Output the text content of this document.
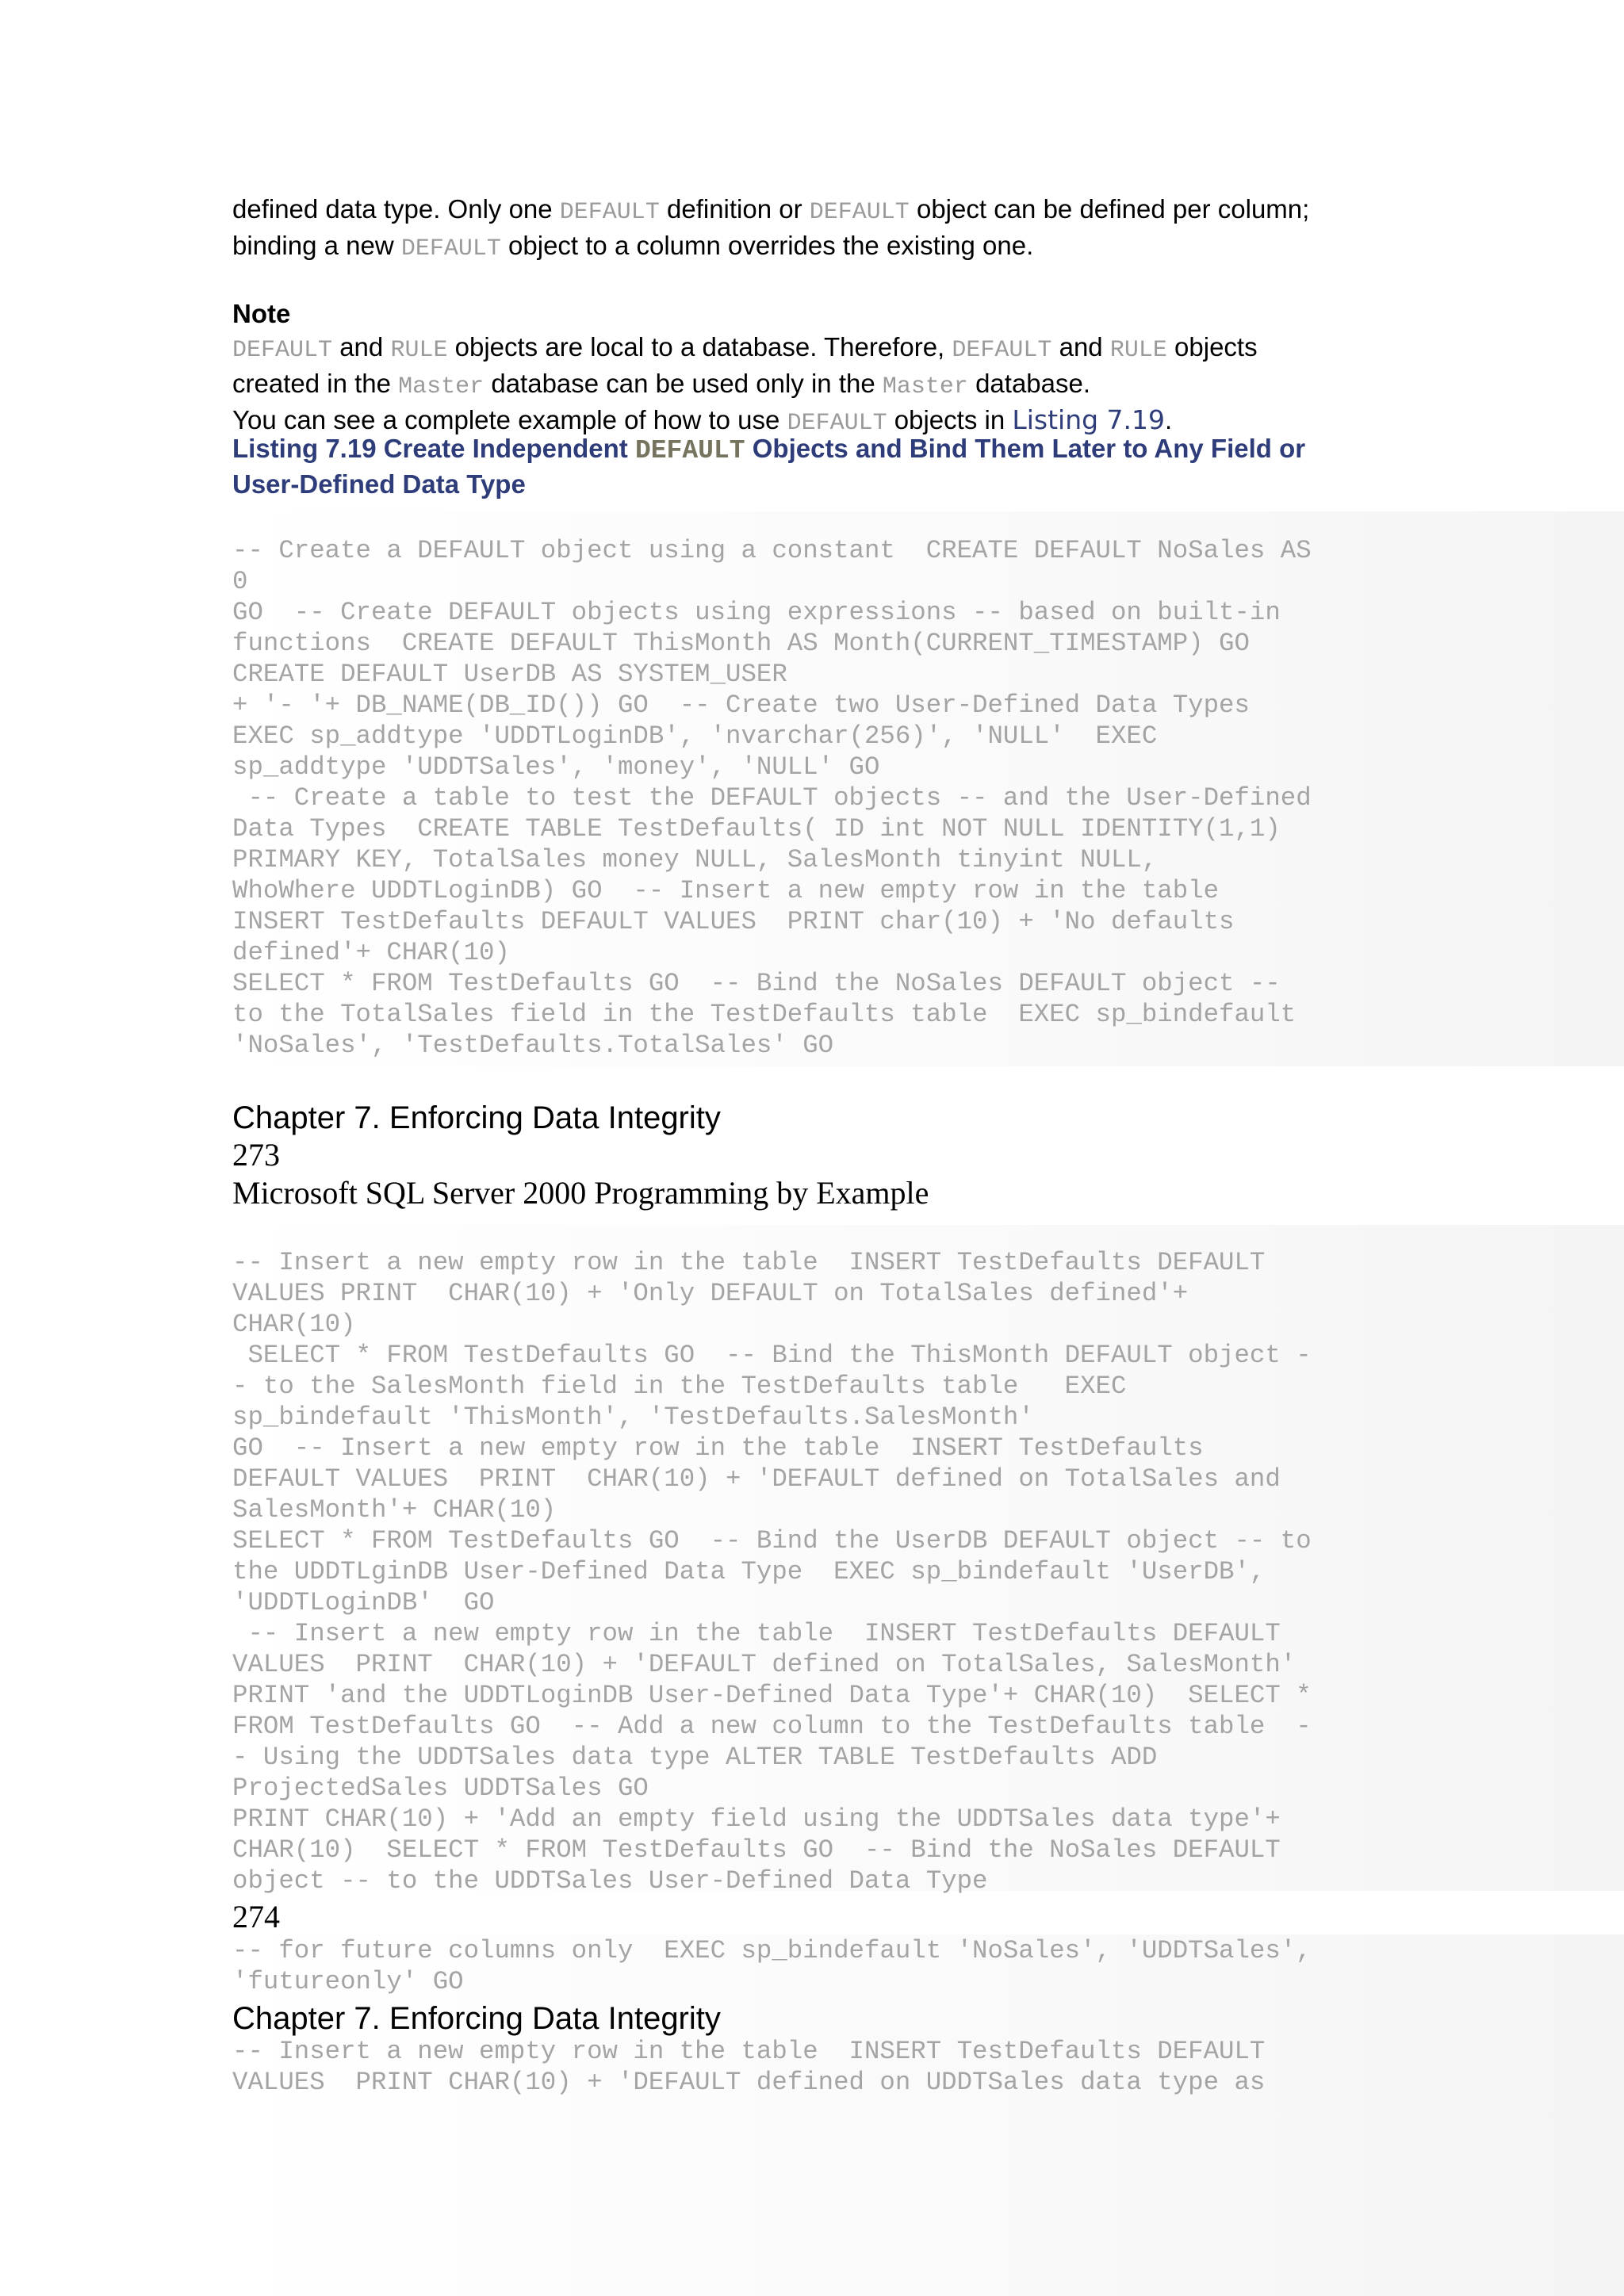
defined data type. Only one DEFAULT definition or DEFAULT object can be defined per column;
binding a new DEFAULT object to a column overrides the existing one.
Note
DEFAULT and RULE objects are local to a database. Therefore, DEFAULT and RULE objects
created in the Master database can be used only in the Master database.
You can see a complete example of how to use DEFAULT objects in Listing 7.19.
Listing 7.19 Create Independent DEFAULT Objects and Bind Them Later to Any Field or
User-Defined Data Type
-- Create a DEFAULT object using a constant  CREATE DEFAULT NoSales AS
0
GO  -- Create DEFAULT objects using expressions -- based on built-in
functions  CREATE DEFAULT ThisMonth AS Month(CURRENT_TIMESTAMP) GO
CREATE DEFAULT UserDB AS SYSTEM_USER
+ '- '+ DB_NAME(DB_ID()) GO  -- Create two User-Defined Data Types
EXEC sp_addtype 'UDDTLoginDB', 'nvarchar(256)', 'NULL'  EXEC
sp_addtype 'UDDTSales', 'money', 'NULL' GO
-- Create a table to test the DEFAULT objects -- and the User-Defined
Data Types  CREATE TABLE TestDefaults( ID int NOT NULL IDENTITY(1,1)
PRIMARY KEY, TotalSales money NULL, SalesMonth tinyint NULL,
WhoWhere UDDTLoginDB) GO  -- Insert a new empty row in the table
INSERT TestDefaults DEFAULT VALUES  PRINT char(10) + 'No defaults
defined'+ CHAR(10)
SELECT * FROM TestDefaults GO  -- Bind the NoSales DEFAULT object --
to the TotalSales field in the TestDefaults table  EXEC sp_bindefault
'NoSales', 'TestDefaults.TotalSales' GO
Chapter 7. Enforcing Data Integrity
273
Microsoft SQL Server 2000 Programming by Example
-- Insert a new empty row in the table  INSERT TestDefaults DEFAULT
VALUES PRINT  CHAR(10) + 'Only DEFAULT on TotalSales defined'+
CHAR(10)
SELECT * FROM TestDefaults GO  -- Bind the ThisMonth DEFAULT object -
- to the SalesMonth field in the TestDefaults table   EXEC
sp_bindefault 'ThisMonth', 'TestDefaults.SalesMonth'
GO  -- Insert a new empty row in the table  INSERT TestDefaults
DEFAULT VALUES  PRINT  CHAR(10) + 'DEFAULT defined on TotalSales and
SalesMonth'+ CHAR(10)
SELECT * FROM TestDefaults GO  -- Bind the UserDB DEFAULT object -- to
the UDDTLginDB User-Defined Data Type  EXEC sp_bindefault 'UserDB',
'UDDTLoginDB'  GO
-- Insert a new empty row in the table  INSERT TestDefaults DEFAULT
VALUES  PRINT  CHAR(10) + 'DEFAULT defined on TotalSales, SalesMonth'
PRINT 'and the UDDTLoginDB User-Defined Data Type'+ CHAR(10)  SELECT *
FROM TestDefaults GO  -- Add a new column to the TestDefaults table  -
- Using the UDDTSales data type ALTER TABLE TestDefaults ADD
ProjectedSales UDDTSales GO
PRINT CHAR(10) + 'Add an empty field using the UDDTSales data type'+
CHAR(10)  SELECT * FROM TestDefaults GO  -- Bind the NoSales DEFAULT
object -- to the UDDTSales User-Defined Data Type
274
-- for future columns only  EXEC sp_bindefault 'NoSales', 'UDDTSales',
'futureonly' GO
Chapter 7. Enforcing Data Integrity
-- Insert a new empty row in the table  INSERT TestDefaults DEFAULT
VALUES  PRINT CHAR(10) + 'DEFAULT defined on UDDTSales data type as
